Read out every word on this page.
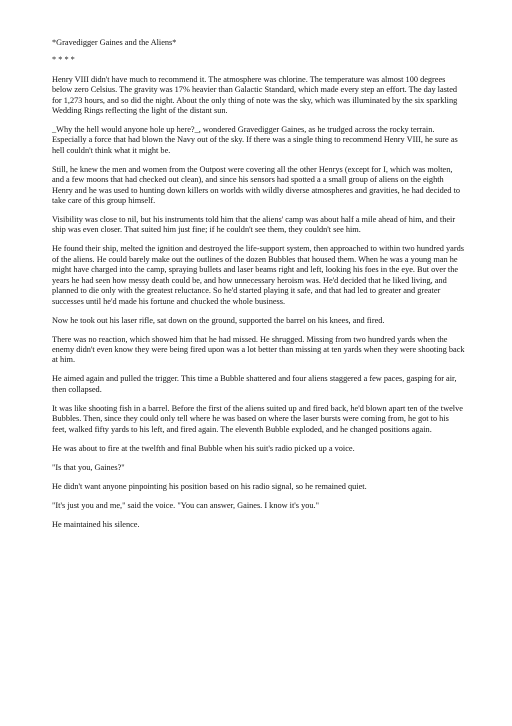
*Gravedigger Gaines and the Aliens*

* * * *

Henry VIII didn't have much to recommend it. The atmosphere was chlorine. The temperature was almost 100 degrees below zero Celsius. The gravity was 17% heavier than Galactic Standard, which made every step an effort. The day lasted for 1,273 hours, and so did the night. About the only thing of note was the sky, which was illuminated by the six sparkling Wedding Rings reflecting the light of the distant sun.

_Why the hell would anyone hole up here?_, wondered Gravedigger Gaines, as he trudged across the rocky terrain. Especially a force that had blown the Navy out of the sky. If there was a single thing to recommend Henry VIII, he sure as hell couldn't think what it might be.

Still, he knew the men and women from the Outpost were covering all the other Henrys (except for I, which was molten, and a few moons that had checked out clean), and since his sensors had spotted a a small group of aliens on the eighth Henry and he was used to hunting down killers on worlds with wildly diverse atmospheres and gravities, he had decided to take care of this group himself.

Visibility was close to nil, but his instruments told him that the aliens' camp was about half a mile ahead of him, and their ship was even closer. That suited him just fine; if he couldn't see them, they couldn't see him.

He found their ship, melted the ignition and destroyed the life-support system, then approached to within two hundred yards of the aliens. He could barely make out the outlines of the dozen Bubbles that housed them. When he was a young man he might have charged into the camp, spraying bullets and laser beams right and left, looking his foes in the eye. But over the years he had seen how messy death could be, and how unnecessary heroism was. He'd decided that he liked living, and planned to die only with the greatest reluctance. So he'd started playing it safe, and that had led to greater and greater successes until he'd made his fortune and chucked the whole business.

Now he took out his laser rifle, sat down on the ground, supported the barrel on his knees, and fired.

There was no reaction, which showed him that he had missed. He shrugged. Missing from two hundred yards when the enemy didn't even know they were being fired upon was a lot better than missing at ten yards when they were shooting back at him.

He aimed again and pulled the trigger. This time a Bubble shattered and four aliens staggered a few paces, gasping for air, then collapsed.

It was like shooting fish in a barrel. Before the first of the aliens suited up and fired back, he'd blown apart ten of the twelve Bubbles. Then, since they could only tell where he was based on where the laser bursts were coming from, he got to his feet, walked fifty yards to his left, and fired again. The eleventh Bubble exploded, and he changed positions again.

He was about to fire at the twelfth and final Bubble when his suit's radio picked up a voice.

"Is that you, Gaines?"

He didn't want anyone pinpointing his position based on his radio signal, so he remained quiet.

"It's just you and me," said the voice. "You can answer, Gaines. I know it's you."

He maintained his silence.
